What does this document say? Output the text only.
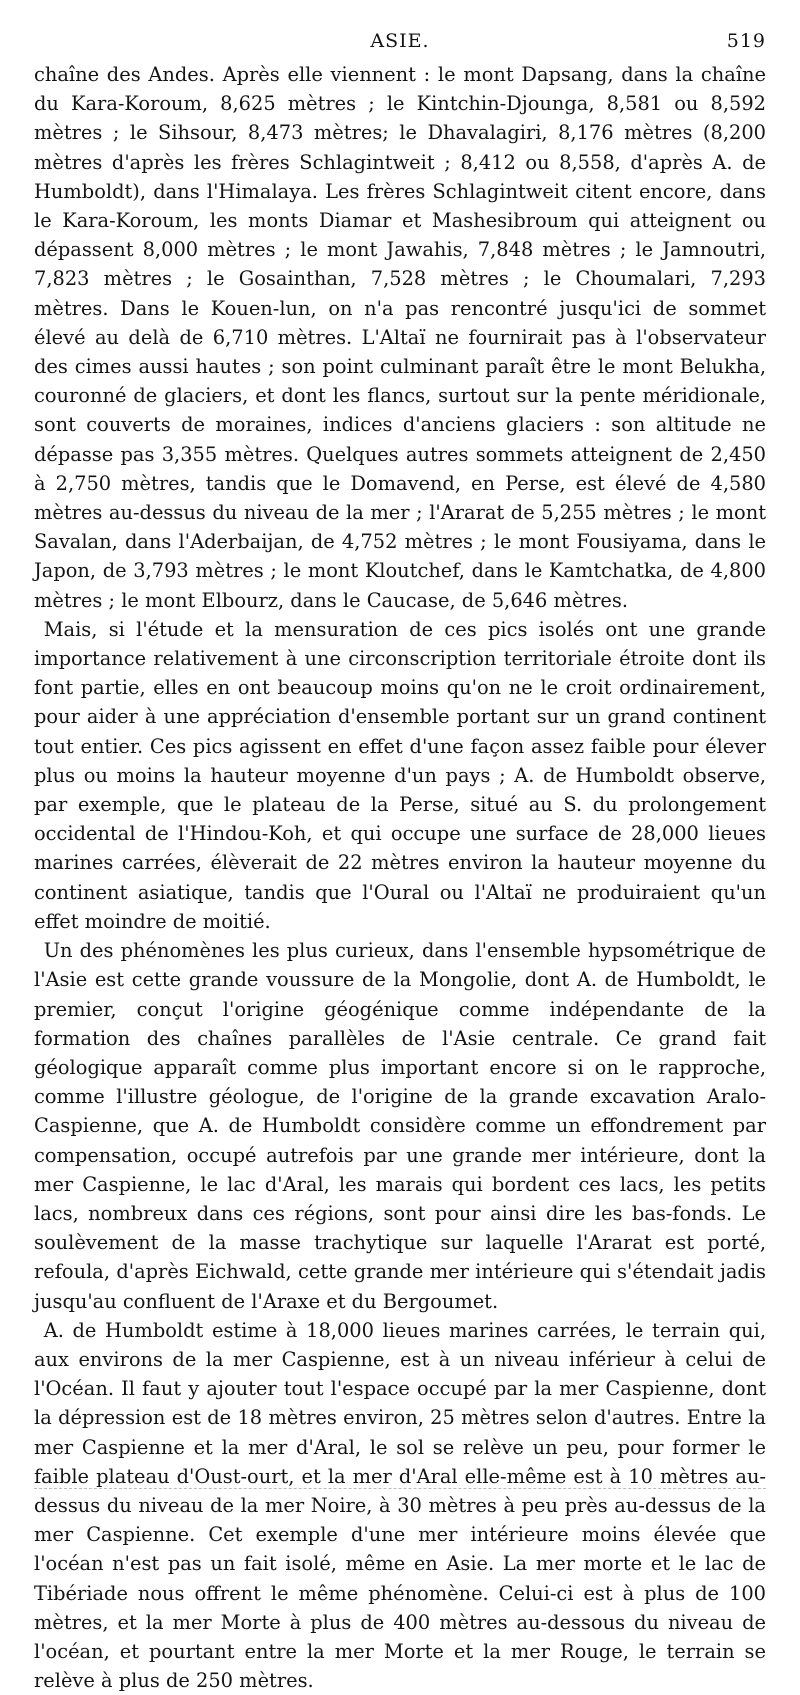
ASIE.	519

chaîne des Andes. Après elle viennent : le mont Dapsang, dans la chaîne du Kara-Koroum, 8,625 mètres ; le Kintchin-Djounga, 8,581 ou 8,592 mètres ; le Sihsour, 8,473 mètres; le Dhavalagiri, 8,176 mètres (8,200 mètres d'après les frères Schlagintweit ; 8,412 ou 8,558, d'après A. de Humboldt), dans l'Himalaya. Les frères Schlagintweit citent encore, dans le Kara-Koroum, les monts Diamar et Mashesibroum qui atteignent ou dépassent 8,000 mètres ; le mont Jawahis, 7,848 mètres ; le Jamnoutri, 7,823 mètres ; le Gosainthan, 7,528 mètres ; le Choumalari, 7,293 mètres. Dans le Kouen-lun, on n'a pas rencontré jusqu'ici de sommet élevé au delà de 6,710 mètres. L'Altaï ne fournirait pas à l'observateur des cimes aussi hautes ; son point culminant paraît être le mont Belukha, couronné de glaciers, et dont les flancs, surtout sur la pente méridionale, sont couverts de moraines, indices d'anciens glaciers : son altitude ne dépasse pas 3,355 mètres. Quelques autres sommets atteignent de 2,450 à 2,750 mètres, tandis que le Domavend, en Perse, est élevé de 4,580 mètres au-dessus du niveau de la mer ; l'Ararat de 5,255 mètres ; le mont Savalan, dans l'Aderbaijan, de 4,752 mètres ; le mont Fousiyama, dans le Japon, de 3,793 mètres ; le mont Kloutchef, dans le Kamtchatka, de 4,800 mètres ; le mont Elbourz, dans le Caucase, de 5,646 mètres.

Mais, si l'étude et la mensuration de ces pics isolés ont une grande importance relativement à une circonscription territoriale étroite dont ils font partie, elles en ont beaucoup moins qu'on ne le croit ordinairement, pour aider à une appréciation d'ensemble portant sur un grand continent tout entier. Ces pics agissent en effet d'une façon assez faible pour élever plus ou moins la hauteur moyenne d'un pays ; A. de Humboldt observe, par exemple, que le plateau de la Perse, situé au S. du prolongement occidental de l'Hindou-Koh, et qui occupe une surface de 28,000 lieues marines carrées, élèverait de 22 mètres environ la hauteur moyenne du continent asiatique, tandis que l'Oural ou l'Altaï ne produiraient qu'un effet moindre de moitié.

Un des phénomènes les plus curieux, dans l'ensemble hypsométrique de l'Asie est cette grande voussure de la Mongolie, dont A. de Humboldt, le premier, conçut l'origine géogénique comme indépendante de la formation des chaînes parallèles de l'Asie centrale. Ce grand fait géologique apparaît comme plus important encore si on le rapproche, comme l'illustre géologue, de l'origine de la grande excavation Aralo-Caspienne, que A. de Humboldt considère comme un effondrement par compensation, occupé autrefois par une grande mer intérieure, dont la mer Caspienne, le lac d'Aral, les marais qui bordent ces lacs, les petits lacs, nombreux dans ces régions, sont pour ainsi dire les bas-fonds. Le soulèvement de la masse trachytique sur laquelle l'Ararat est porté, refoula, d'après Eichwald, cette grande mer intérieure qui s'étendait jadis jusqu'au confluent de l'Araxe et du Bergoumet.

A. de Humboldt estime à 18,000 lieues marines carrées, le terrain qui, aux environs de la mer Caspienne, est à un niveau inférieur à celui de l'Océan. Il faut y ajouter tout l'espace occupé par la mer Caspienne, dont la dépression est de 18 mètres environ, 25 mètres selon d'autres. Entre la mer Caspienne et la mer d'Aral, le sol se relève un peu, pour former le faible plateau d'Oust-ourt, et la mer d'Aral elle-même est à 10 mètres au-dessus du niveau de la mer Noire, à 30 mètres à peu près au-dessus de la mer Caspienne. Cet exemple d'une mer intérieure moins élevée que l'océan n'est pas un fait isolé, même en Asie. La mer morte et le lac de Tibériade nous offrent le même phénomène. Celui-ci est à plus de 100 mètres, et la mer Morte à plus de 400 mètres au-dessous du niveau de l'océan, et pourtant entre la mer Morte et la mer Rouge, le terrain se relève à plus de 250 mètres.
